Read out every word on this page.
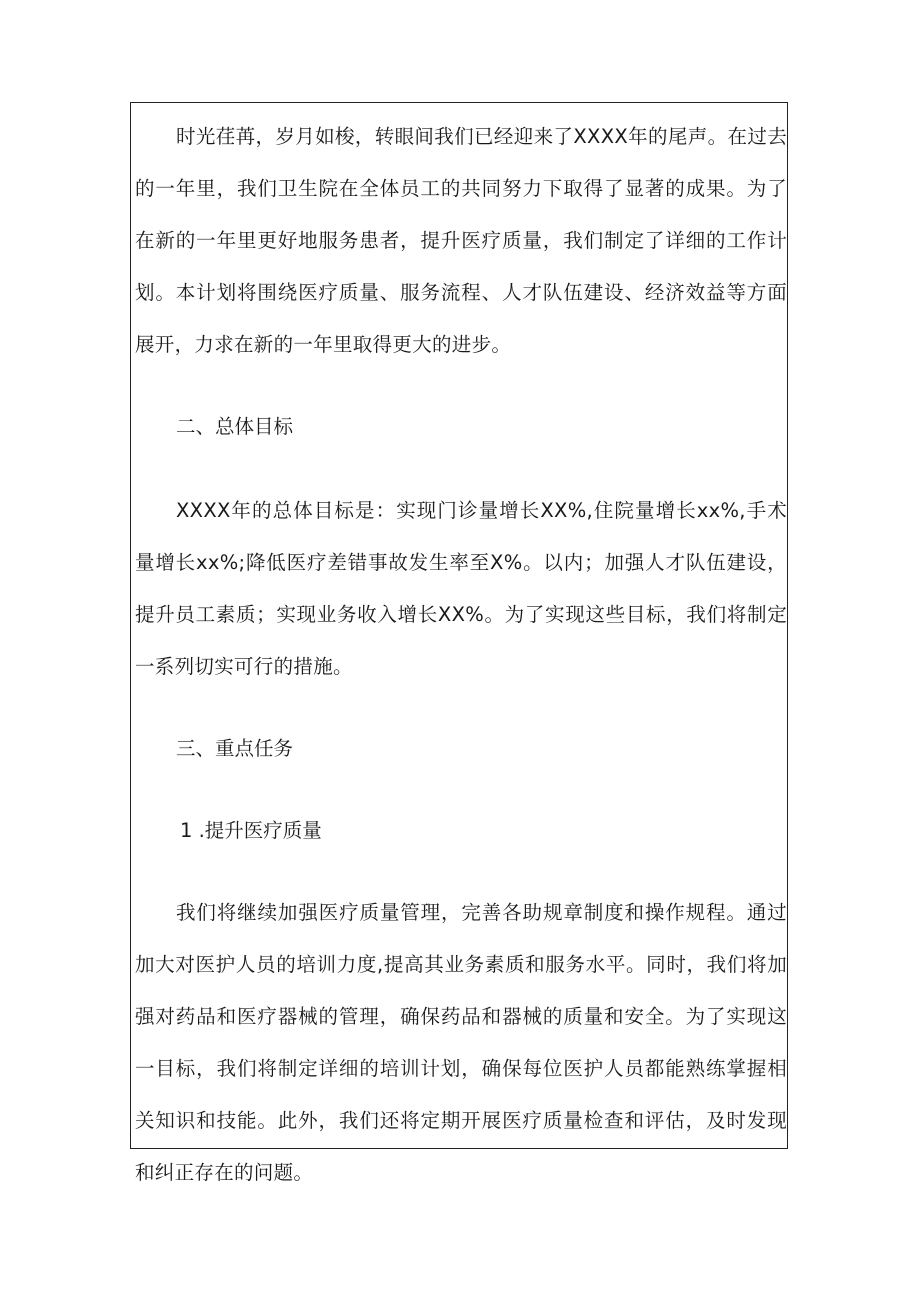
时光荏苒，岁月如梭，转眼间我们已经迎来了XXXX年的尾声。在过去的一年里，我们卫生院在全体员工的共同努力下取得了显著的成果。为了在新的一年里更好地服务患者，提升医疗质量，我们制定了详细的工作计划。本计划将围绕医疗质量、服务流程、人才队伍建设、经济效益等方面展开，力求在新的一年里取得更大的进步。

二、总体目标

XXXX年的总体目标是：实现门诊量增长XX%,住院量增长xx%,手术量增长xx%;降低医疗差错事故发生率至X%。以内；加强人才队伍建设，提升员工素质；实现业务收入增长XX%。为了实现这些目标，我们将制定一系列切实可行的措施。

三、重点任务

1 .提升医疗质量

我们将继续加强医疗质量管理，完善各助规章制度和操作规程。通过加大对医护人员的培训力度,提高其业务素质和服务水平。同时，我们将加强对药品和医疗器械的管理，确保药品和器械的质量和安全。为了实现这一目标，我们将制定详细的培训计划，确保每位医护人员都能熟练掌握相关知识和技能。此外，我们还将定期开展医疗质量检查和评估，及时发现和纠正存在的问题。
